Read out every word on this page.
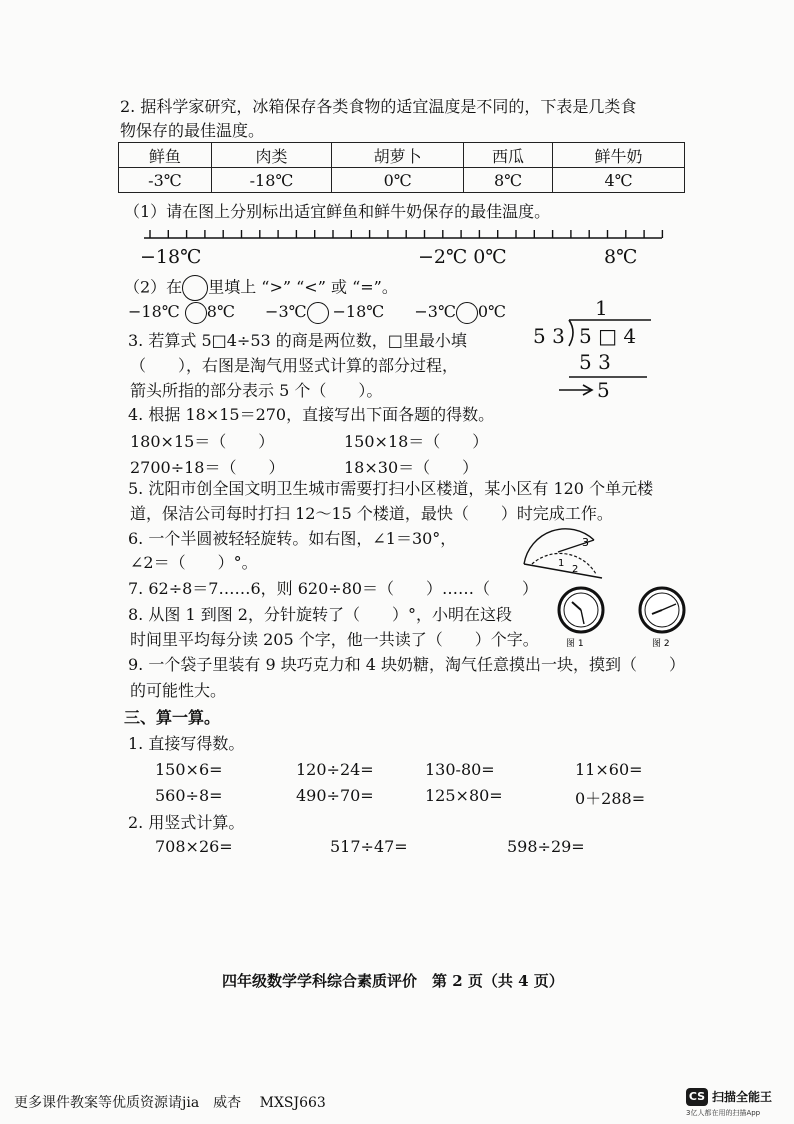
2. 据科学家研究，冰箱保存各类食物的适宜温度是不同的，下表是几类食
物保存的最佳温度。
鲜鱼	肉类	胡萝卜	西瓜	鲜牛奶
-3℃	-18℃	0℃	8℃	4℃
（1）请在图上分别标出适宜鲜鱼和鲜牛奶保存的最佳温度。
−18℃	−2℃ 0℃	8℃
（2）在 里填上 “>” “<” 或 “=”。
−18℃ 8℃ −3℃ −18℃ −3℃ 0℃
3. 若算式 5□4÷53 的商是两位数，□里最小填
（　　），右图是淘气用竖式计算的部分过程，
箭头所指的部分表示 5 个（　　）。
1
5 3 5 □ 4
5 3
5
4. 根据 18×15＝270，直接写出下面各题的得数。
180×15＝（　　）	150×18＝（　　）
2700÷18＝（　　）	18×30＝（　　）
5. 沈阳市创全国文明卫生城市需要打扫小区楼道，某小区有 120 个单元楼
道，保洁公司每时打扫 12～15 个楼道，最快（　　）时完成工作。
6. 一个半圆被轻轻旋转。如右图，∠1＝30°，
∠2＝（　　）°。	1
2
3
7. 62÷8＝7……6，则 620÷80＝（　　）……（　　）
8. 从图 1 到图 2，分针旋转了（　　）°，小明在这段
时间里平均每分读 205 个字，他一共读了（　　）个字。	图 1	图 2
9. 一个袋子里装有 9 块巧克力和 4 块奶糖，淘气任意摸出一块，摸到（　　）
的可能性大。
三、算一算。
1. 直接写得数。
150×6=	120÷24=	130-80=	11×60=
560÷8=	490÷70=	125×80=	0＋288=
2. 用竖式计算。
708×26=	517÷47=	598÷29=
四年级数学学科综合素质评价　第 2 页（共 4 页）
更多课件教案等优质资源请jia　威杏　 MXSJ663	CS 扫描全能王
3亿人都在用的扫描App
